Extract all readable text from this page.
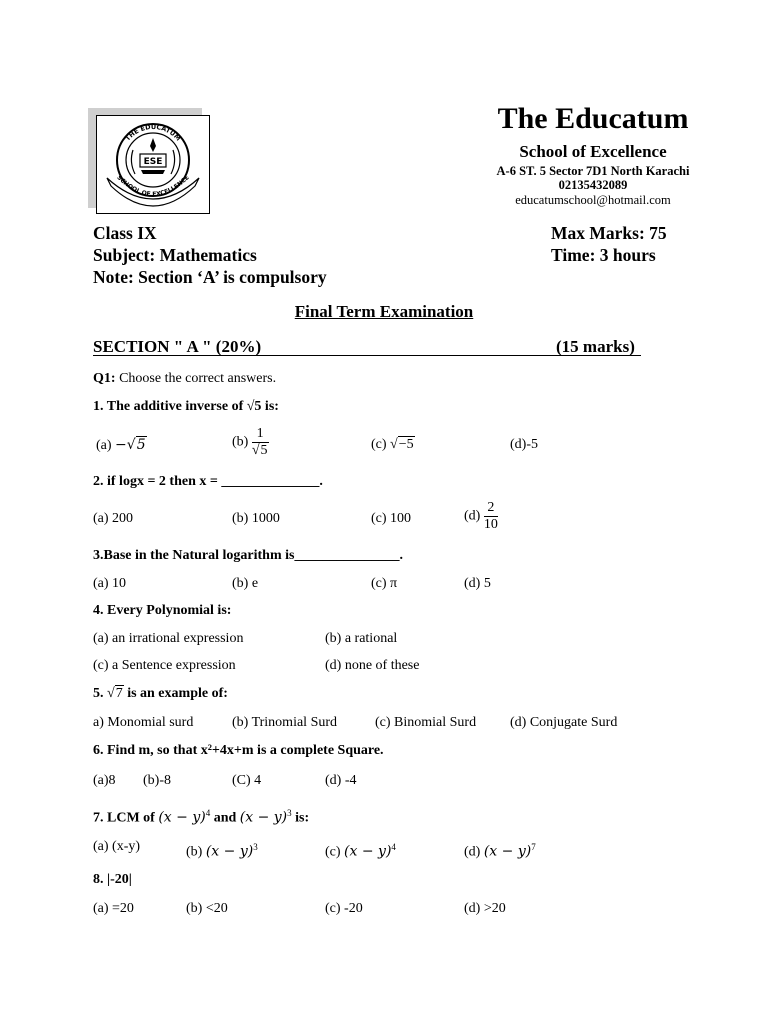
THE EDUCATUM
SCHOOL OF EXCELLENCE
ESE
The Educatum
School of Excellence
A-6 ST. 5 Sector 7D1 North Karachi
02135432089
educatumschool@hotmail.com
Class IX
Subject: Mathematics
Note: Section ‘A’ is compulsory
Max Marks: 75
Time: 3 hours
Final Term Examination
SECTION " A " (20%)	(15 marks)
Q1: Choose the correct answers.
1. The additive inverse of √5 is:
(a) −√5	$(b) \frac{1}{√5}$	(c) √−5	(d)-5
2. if logx = 2 then x = ______________.
(a) 200	(b) 1000	(c) 100	$(d) \frac{2}{10}$
3.Base in the Natural logarithm is_______________.
(a) 10	(b) e	(c) π	(d) 5
4. Every Polynomial is:
(a) an irrational expression	(b) a rational
(c) a Sentence expression	(d) none of these
5. √7 is an example of:
a) Monomial surd	(b) Trinomial Surd	(c) Binomial Surd (d) Conjugate Surd
6. Find m, so that x²+4x+m is a complete Square.
(a)8 (b)-8	(C) 4	(d) -4
7. LCM of $(x - y)^4$ and $(x - y)^3$ is:
(a) (x-y)	(b) $(x - y)^3$	(c) $(x - y)^4$	(d) $(x - y)^7$
8. |-20|
(a) =20	(b) <20	(c) -20	(d) >20
